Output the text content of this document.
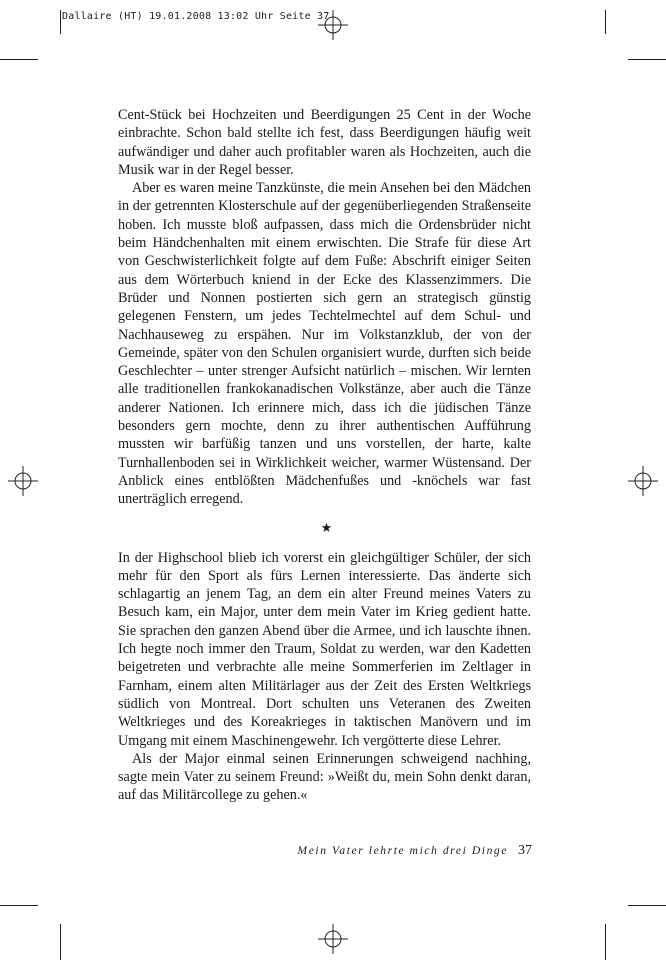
Dallaire (HT) 19.01.2008 13:02 Uhr Seite 37

Cent-Stück bei Hochzeiten und Beerdigungen 25 Cent in der Woche einbrachte. Schon bald stellte ich fest, dass Beerdigungen häufig weit aufwändiger und daher auch profitabler waren als Hochzeiten, auch die Musik war in der Regel besser.

Aber es waren meine Tanzkünste, die mein Ansehen bei den Mädchen in der getrennten Klosterschule auf der gegenüberliegenden Straßenseite hoben. Ich musste bloß aufpassen, dass mich die Ordensbrüder nicht beim Händchenhalten mit einem erwischten. Die Strafe für diese Art von Geschwisterlichkeit folgte auf dem Fuße: Abschrift einiger Seiten aus dem Wörterbuch kniend in der Ecke des Klassenzimmers. Die Brüder und Nonnen postierten sich gern an strategisch günstig gelegenen Fenstern, um jedes Techtelmechtel auf dem Schul- und Nachhauseweg zu erspähen. Nur im Volkstanzklub, der von der Gemeinde, später von den Schulen organisiert wurde, durften sich beide Geschlechter – unter strenger Aufsicht natürlich – mischen. Wir lernten alle traditionellen frankokanadischen Volkstänze, aber auch die Tänze anderer Nationen. Ich erinnere mich, dass ich die jüdischen Tänze besonders gern mochte, denn zu ihrer authentischen Aufführung mussten wir barfüßig tanzen und uns vorstellen, der harte, kalte Turnhallenboden sei in Wirklichkeit weicher, warmer Wüstensand. Der Anblick eines entblößten Mädchenfußes und -knöchels war fast unerträglich erregend.

★

In der Highschool blieb ich vorerst ein gleichgültiger Schüler, der sich mehr für den Sport als fürs Lernen interessierte. Das änderte sich schlagartig an jenem Tag, an dem ein alter Freund meines Vaters zu Besuch kam, ein Major, unter dem mein Vater im Krieg gedient hatte. Sie sprachen den ganzen Abend über die Armee, und ich lauschte ihnen. Ich hegte noch immer den Traum, Soldat zu werden, war den Kadetten beigetreten und verbrachte alle meine Sommerferien im Zeltlager in Farnham, einem alten Militärlager aus der Zeit des Ersten Weltkriegs südlich von Montreal. Dort schulten uns Veteranen des Zweiten Weltkrieges und des Koreakrieges in taktischen Manövern und im Umgang mit einem Maschinengewehr. Ich vergötterte diese Lehrer.

Als der Major einmal seinen Erinnerungen schweigend nachhing, sagte mein Vater zu seinem Freund: »Weißt du, mein Sohn denkt daran, auf das Militärcollege zu gehen.«

Mein Vater lehrte mich drei Dinge 37
